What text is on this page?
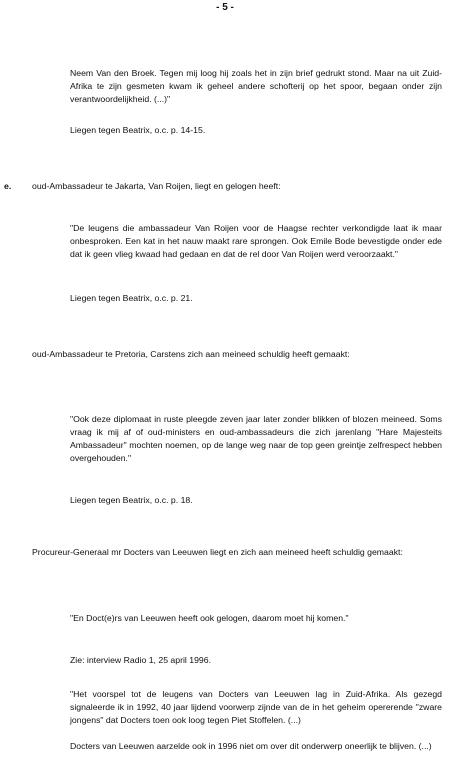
- 5 -
Neem Van den Broek. Tegen mij loog hij zoals het in zijn brief gedrukt stond. Maar na uit Zuid-Afrika te zijn gesmeten kwam ik geheel andere schofterij op het spoor, begaan onder zijn verantwoordelijkheid. (...)"
Liegen tegen Beatrix, o.c. p. 14-15.
e. oud-Ambassadeur te Jakarta, Van Roijen, liegt en gelogen heeft:
"De leugens die ambassadeur Van Roijen voor de Haagse rechter verkondigde laat ik maar onbesproken. Een kat in het nauw maakt rare sprongen. Ook Emile Bode bevestigde onder ede dat ik geen vlieg kwaad had gedaan en dat de rel door Van Roijen werd veroorzaakt."
Liegen tegen Beatrix, o.c. p. 21.
oud-Ambassadeur te Pretoria, Carstens zich aan meineed schuldig heeft gemaakt:
"Ook deze diplomaat in ruste pleegde zeven jaar later zonder blikken of blozen meineed. Soms vraag ik mij af of oud-ministers en oud-ambassadeurs die zich jarenlang "Hare Majesteits Ambassadeur" mochten noemen, op de lange weg naar de top geen greintje zelfrespect hebben overgehouden."
Liegen tegen Beatrix, o.c. p. 18.
Procureur-Generaal mr Docters van Leeuwen liegt en zich aan meineed heeft schuldig gemaakt:
"En Doct(e)rs van Leeuwen heeft ook gelogen, daarom moet hij komen."
Zie: interview Radio 1, 25 april 1996.
"Het voorspel tot de leugens van Docters van Leeuwen lag in Zuid-Afrika. Als gezegd signaleerde ik in 1992, 40 jaar lijdend voorwerp zijnde van de in het geheim opererende "zware jongens" dat Docters toen ook loog tegen Piet Stoffelen. (...)
Docters van Leeuwen aarzelde ook in 1996 niet om over dit onderwerp oneerlijk te blijven. (...)
